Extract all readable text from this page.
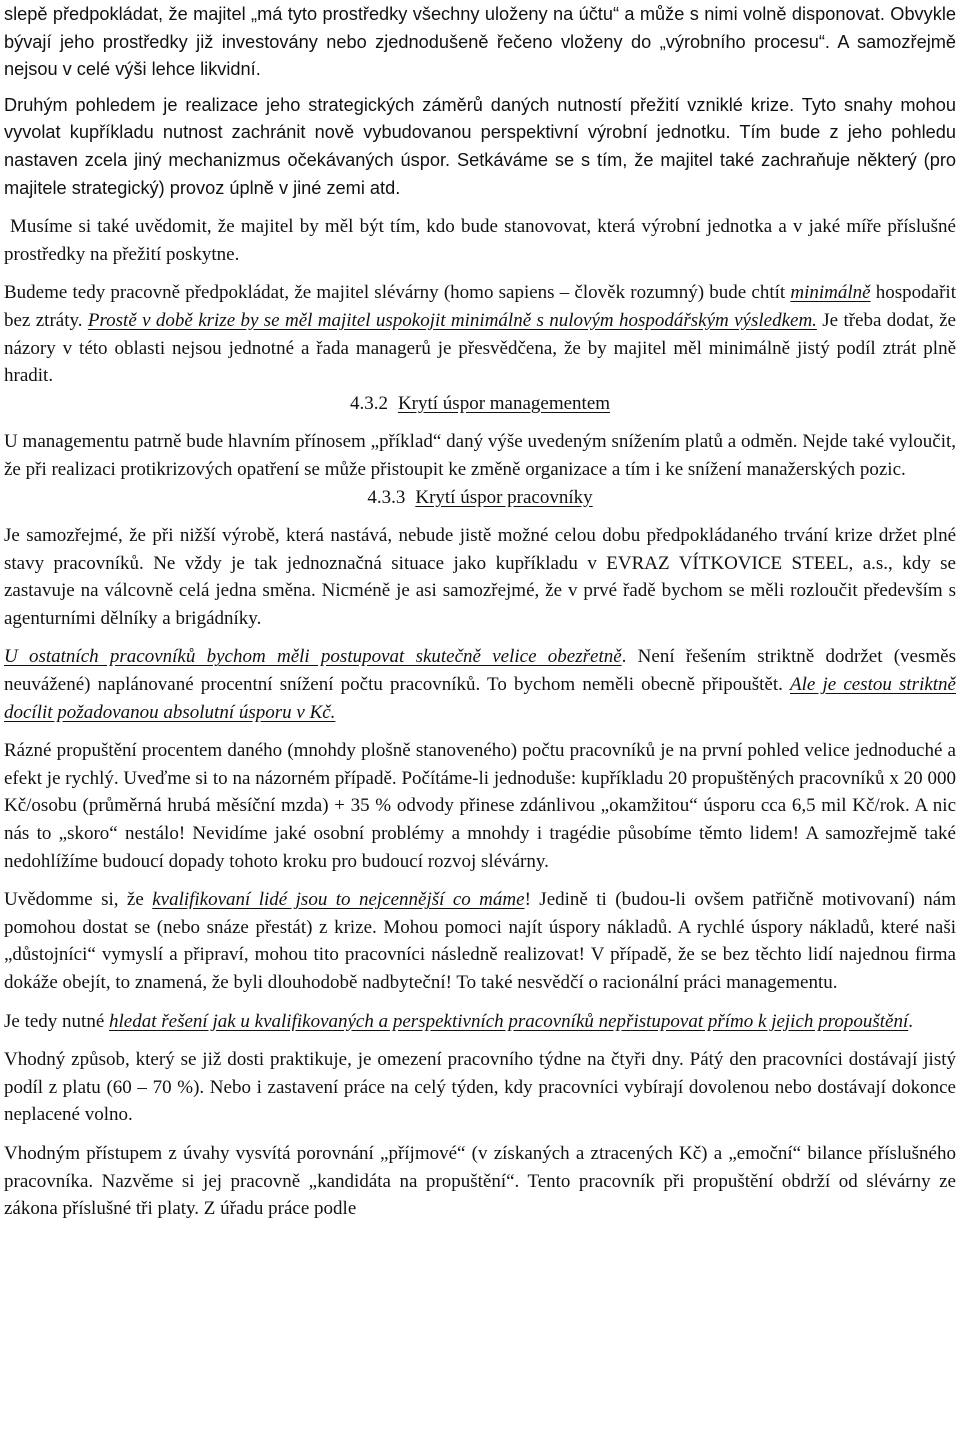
slepě předpokládat, že majitel „má tyto prostředky všechny uloženy na účtu“ a může s nimi volně disponovat. Obvykle bývají jeho prostředky již investovány nebo zjednodušeně řečeno vloženy do „výrobního procesu“. A samozřejmě nejsou v celé výši lehce likvidní.

Druhým pohledem je realizace jeho strategických záměrů daných nutností přežití vzniklé krize. Tyto snahy mohou vyvolat kupříkladu nutnost zachránit nově vybudovanou perspektivní výrobní jednotku. Tím bude z jeho pohledu nastaven zcela jiný mechanizmus očekávaných úspor. Setkáváme se s tím, že majitel také zachraňuje některý (pro majitele strategický) provoz úplně v jiné zemi atd.

Musíme si také uvědomit, že majitel by měl být tím, kdo bude stanovovat, která výrobní jednotka a v jaké míře příslušné prostředky na přežití poskytne.

Budeme tedy pracovně předpokládat, že majitel slévárny (homo sapiens – člověk rozumný) bude chtít minimálně hospodařit bez ztráty. Prostě v době krize by se měl majitel uspokojit minimálně s nulovým hospodářským výsledkem. Je třeba dodat, že názory v této oblasti nejsou jednotné a řada managerů je přesvědčena, že by majitel měl minimálně jistý podíl ztrát plně hradit.

4.3.2 Krytí úspor managementem

U managementu patrně bude hlavním přínosem „příklad“ daný výše uvedeným snížením platů a odměn. Nejde také vyloučit, že při realizaci protikrizových opatření se může přistoupit ke změně organizace a tím i ke snížení manažerských pozic.

4.3.3 Krytí úspor pracovníky

Je samozřejmé, že při nižší výrobě, která nastává, nebude jistě možné celou dobu předpokládaného trvání krize držet plné stavy pracovníků. Ne vždy je tak jednoznačná situace jako kupříkladu v EVRAZ VÍTKOVICE STEEL, a.s., kdy se zastavuje na válcovně celá jedna směna. Nicméně je asi samozřejmé, že v prvé řadě bychom se měli rozloučit především s agenturními dělníky a brigádníky.

U ostatních pracovníků bychom měli postupovat skutečně velice obezřetně. Není řešením striktně dodržet (vesměs neuvážené) naplánované procentní snížení počtu pracovníků. To bychom neměli obecně připouštět. Ale je cestou striktně docílit požadovanou absolutní úsporu v Kč.

Rázné propuštění procentem daného (mnohdy plošně stanoveného) počtu pracovníků je na první pohled velice jednoduché a efekt je rychlý. Uveďme si to na názorném případě. Počítáme-li jednoduše: kupříkladu 20 propuštěných pracovníků x 20 000 Kč/osobu (průměrná hrubá měsíční mzda) + 35 % odvody přinese zdánlivou „okamžitou“ úsporu cca 6,5 mil Kč/rok. A nic nás to „skoro“ nestálo! Nevidíme jaké osobní problémy a mnohdy i tragédie působíme těmto lidem! A samozřejmě také nedohlížíme budoucí dopady tohoto kroku pro budoucí rozvoj slévárny.

Uvědomme si, že kvalifikovaní lidé jsou to nejcennější co máme! Jedině ti (budou-li ovšem patřičně motivovaní) nám pomohou dostat se (nebo snáze přestát) z krize. Mohou pomoci najít úspory nákladů. A rychlé úspory nákladů, které naši „důstojníci“ vymyslí a připraví, mohou tito pracovníci následně realizovat! V případě, že se bez těchto lidí najednou firma dokáže obejít, to znamená, že byli dlouhodobě nadbyteční! To také nesvědčí o racionální práci managementu.

Je tedy nutné hledat řešení jak u kvalifikovaných a perspektivních pracovníků nepřistupovat přímo k jejich propouštění.

Vhodný způsob, který se již dosti praktikuje, je omezení pracovního týdne na čtyři dny. Pátý den pracovníci dostávají jistý podíl z platu (60 – 70 %). Nebo i zastavení práce na celý týden, kdy pracovníci vybírají dovolenou nebo dostávají dokonce neplacené volno.

Vhodným přístupem z úvahy vysvítá porovnání „příjmové“ (v získaných a ztracených Kč) a „emoční“ bilance příslušného pracovníka. Nazvěme si jej pracovně „kandidáta na propuštění“. Tento pracovník při propuštění obdrží od slévárny ze zákona příslušné tři platy. Z úřadu práce podle
